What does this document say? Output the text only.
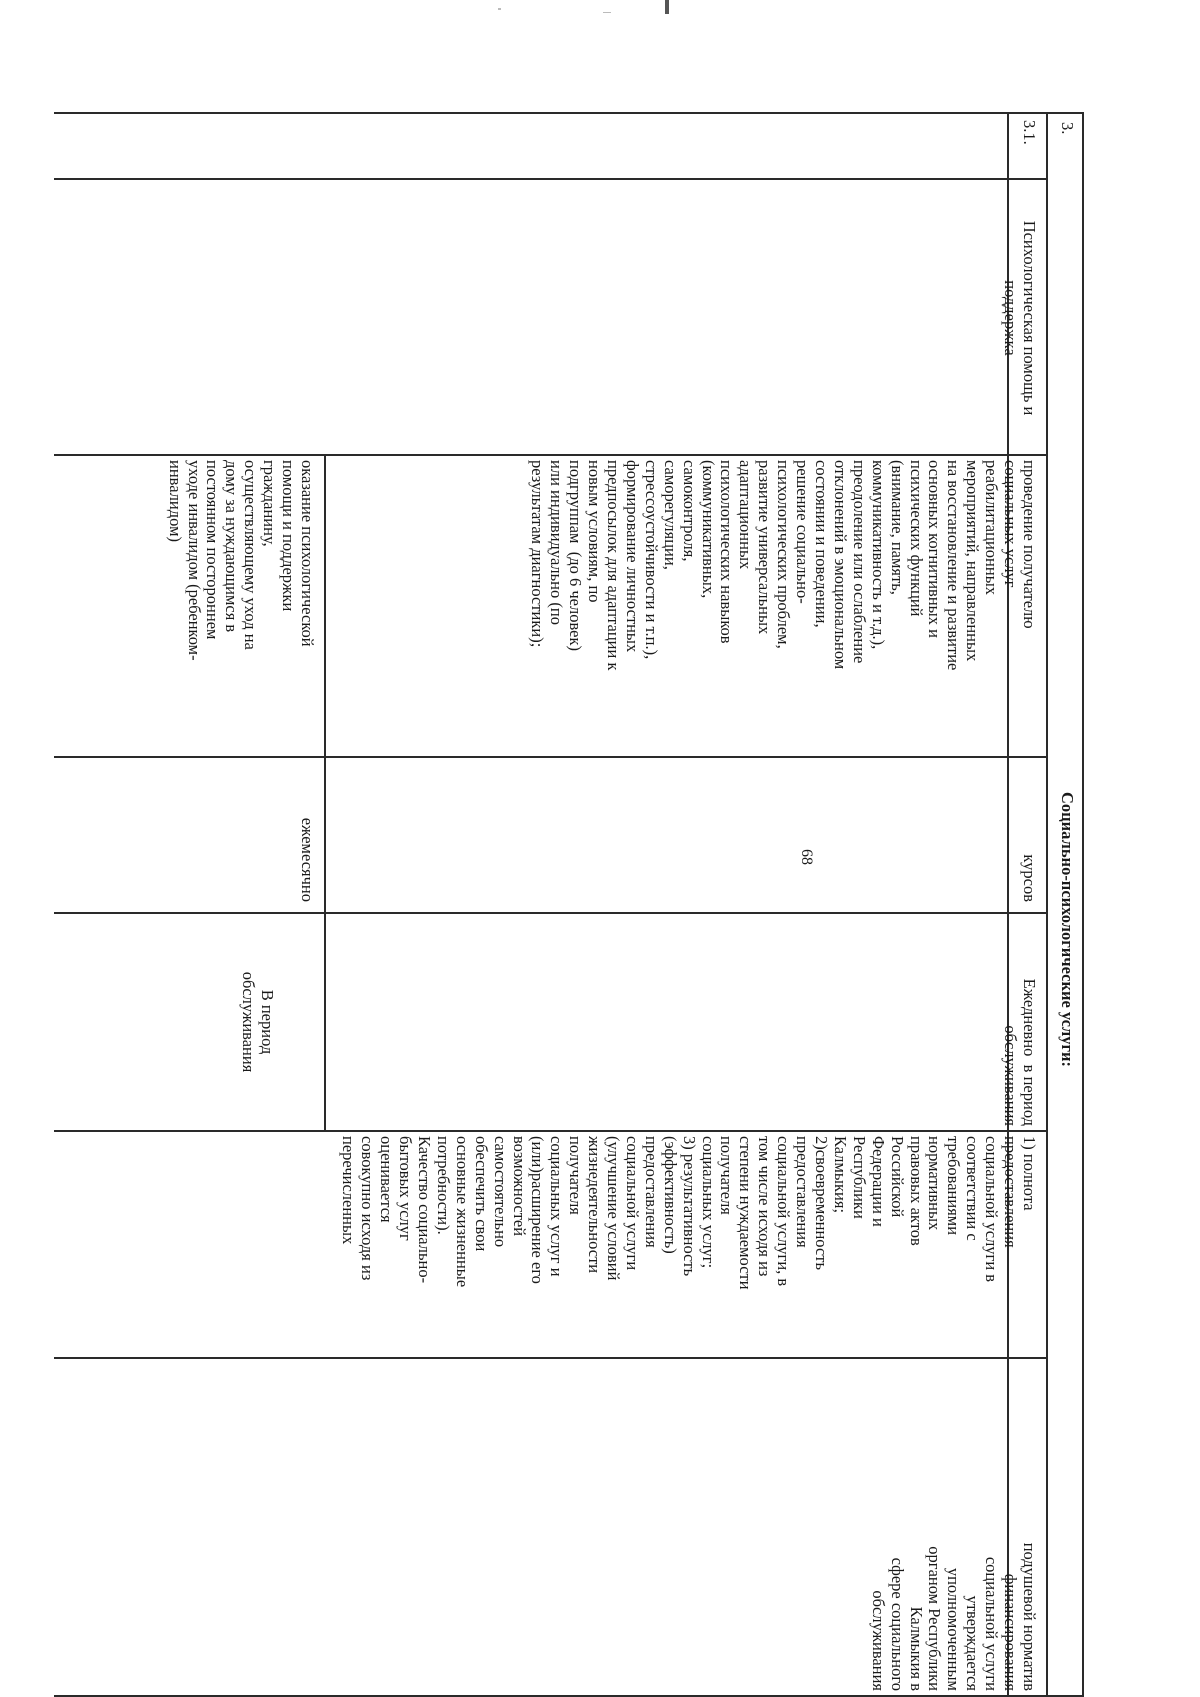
3.
Социально-психологические услуги:
3.1.
Психологическая помощь и
поддержка
проведение получателю
социальных услуг
реабилитационных
мероприятий, направленных
на восстановление и развитие
основных когнитивных и
психических функций
(внимание, память,
коммуникативность и т.д.),
преодоление или ослабление
отклонений в эмоциональном
состоянии и поведении,
решение социально-
психологических проблем,
развитие универсальных
адаптационных
психологических навыков
(коммуникативных,
самоконтроля,
саморегуляции,
стрессоустойчивости и т.п.),
формирование личностных
предпосылок для адаптации к
новым условиям, по
подгруппам  (до 6 человек)
или индивидуально (по
результатам диагностики);
оказание психологической
помощи и поддержки
гражданину,
осуществляющему уход на
дому за нуждающимся в
постоянном постороннем
уходе инвалидом (ребенком-
инвалидом)
курсов
ежемесячно
Ежедневно  в период
обслуживания
В период
обслуживания
1) полнота
предоставления
социальной услуги в
соответствии с
требованиями
нормативных
правовых актов
Российской
Федерации и
Республики
Калмыкия;
2)своевременность
предоставления
социальной услуги, в
том числе исходя из
степени нуждаемости
получателя
социальных услуг;
3) результативность
(эффективность)
предоставления
социальной услуги
(улучшение условий
жизнедеятельности
получателя
социальных услуг и
(или)расширение его
возможностей
самостоятельно
обеспечить свои
основные жизненные
потребности).
Качество социально-
бытовых услуг
оценивается
совокупно исходя из
перечисленных
подушевой норматив
финансирования
социальной услуги
утверждается
уполномоченным
органом Республики
Калмыкия в
сфере социального
обслуживания
68
